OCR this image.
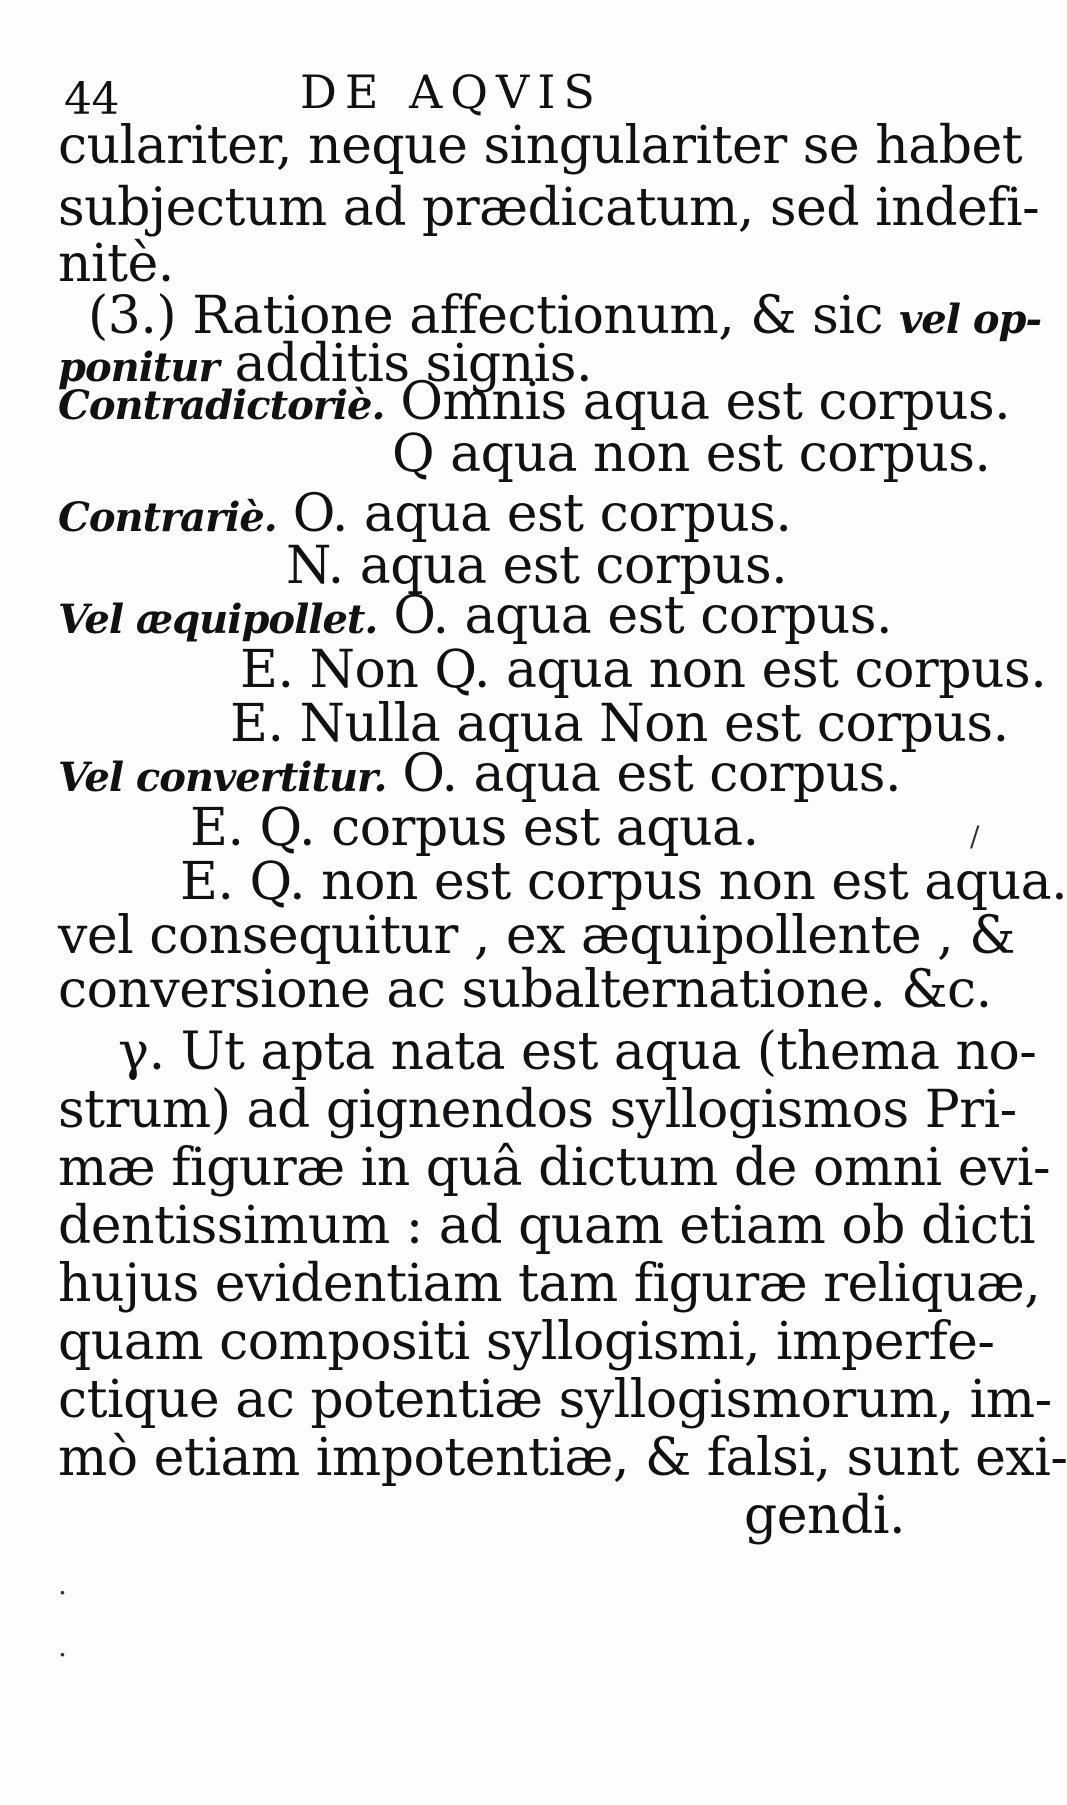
44	DE AQVIS
culariter, neque singulariter se habet
subjectum ad prædicatum, sed indefi-
nitè.
(3.) Ratione affectionum, & sic vel op-
ponitur additis signis.
Contradictoriè. Omnis aqua est corpus.
Q aqua non est corpus.
Contrariè. O. aqua est corpus.
N. aqua est corpus.
Vel æquipollet. O. aqua est corpus.
E. Non Q. aqua non est corpus.
E. Nulla aqua Non est corpus.
Vel convertitur. O. aqua est corpus.
E. Q. corpus est aqua.
E. Q. non est corpus non est aqua.
vel consequitur , ex æquipollente , &
conversione ac subalternatione. &c.
γ. Ut apta nata est aqua (thema no-
strum) ad gignendos syllogismos Pri-
mæ figuræ in quâ dictum de omni evi-
dentissimum : ad quam etiam ob dicti
hujus evidentiam tam figuræ reliquæ,
quam compositi syllogismi, imperfe-
ctique ac potentiæ syllogismorum, im-
mò etiam impotentiæ, & falsi, sunt exi-
gendi.
.
.
/
